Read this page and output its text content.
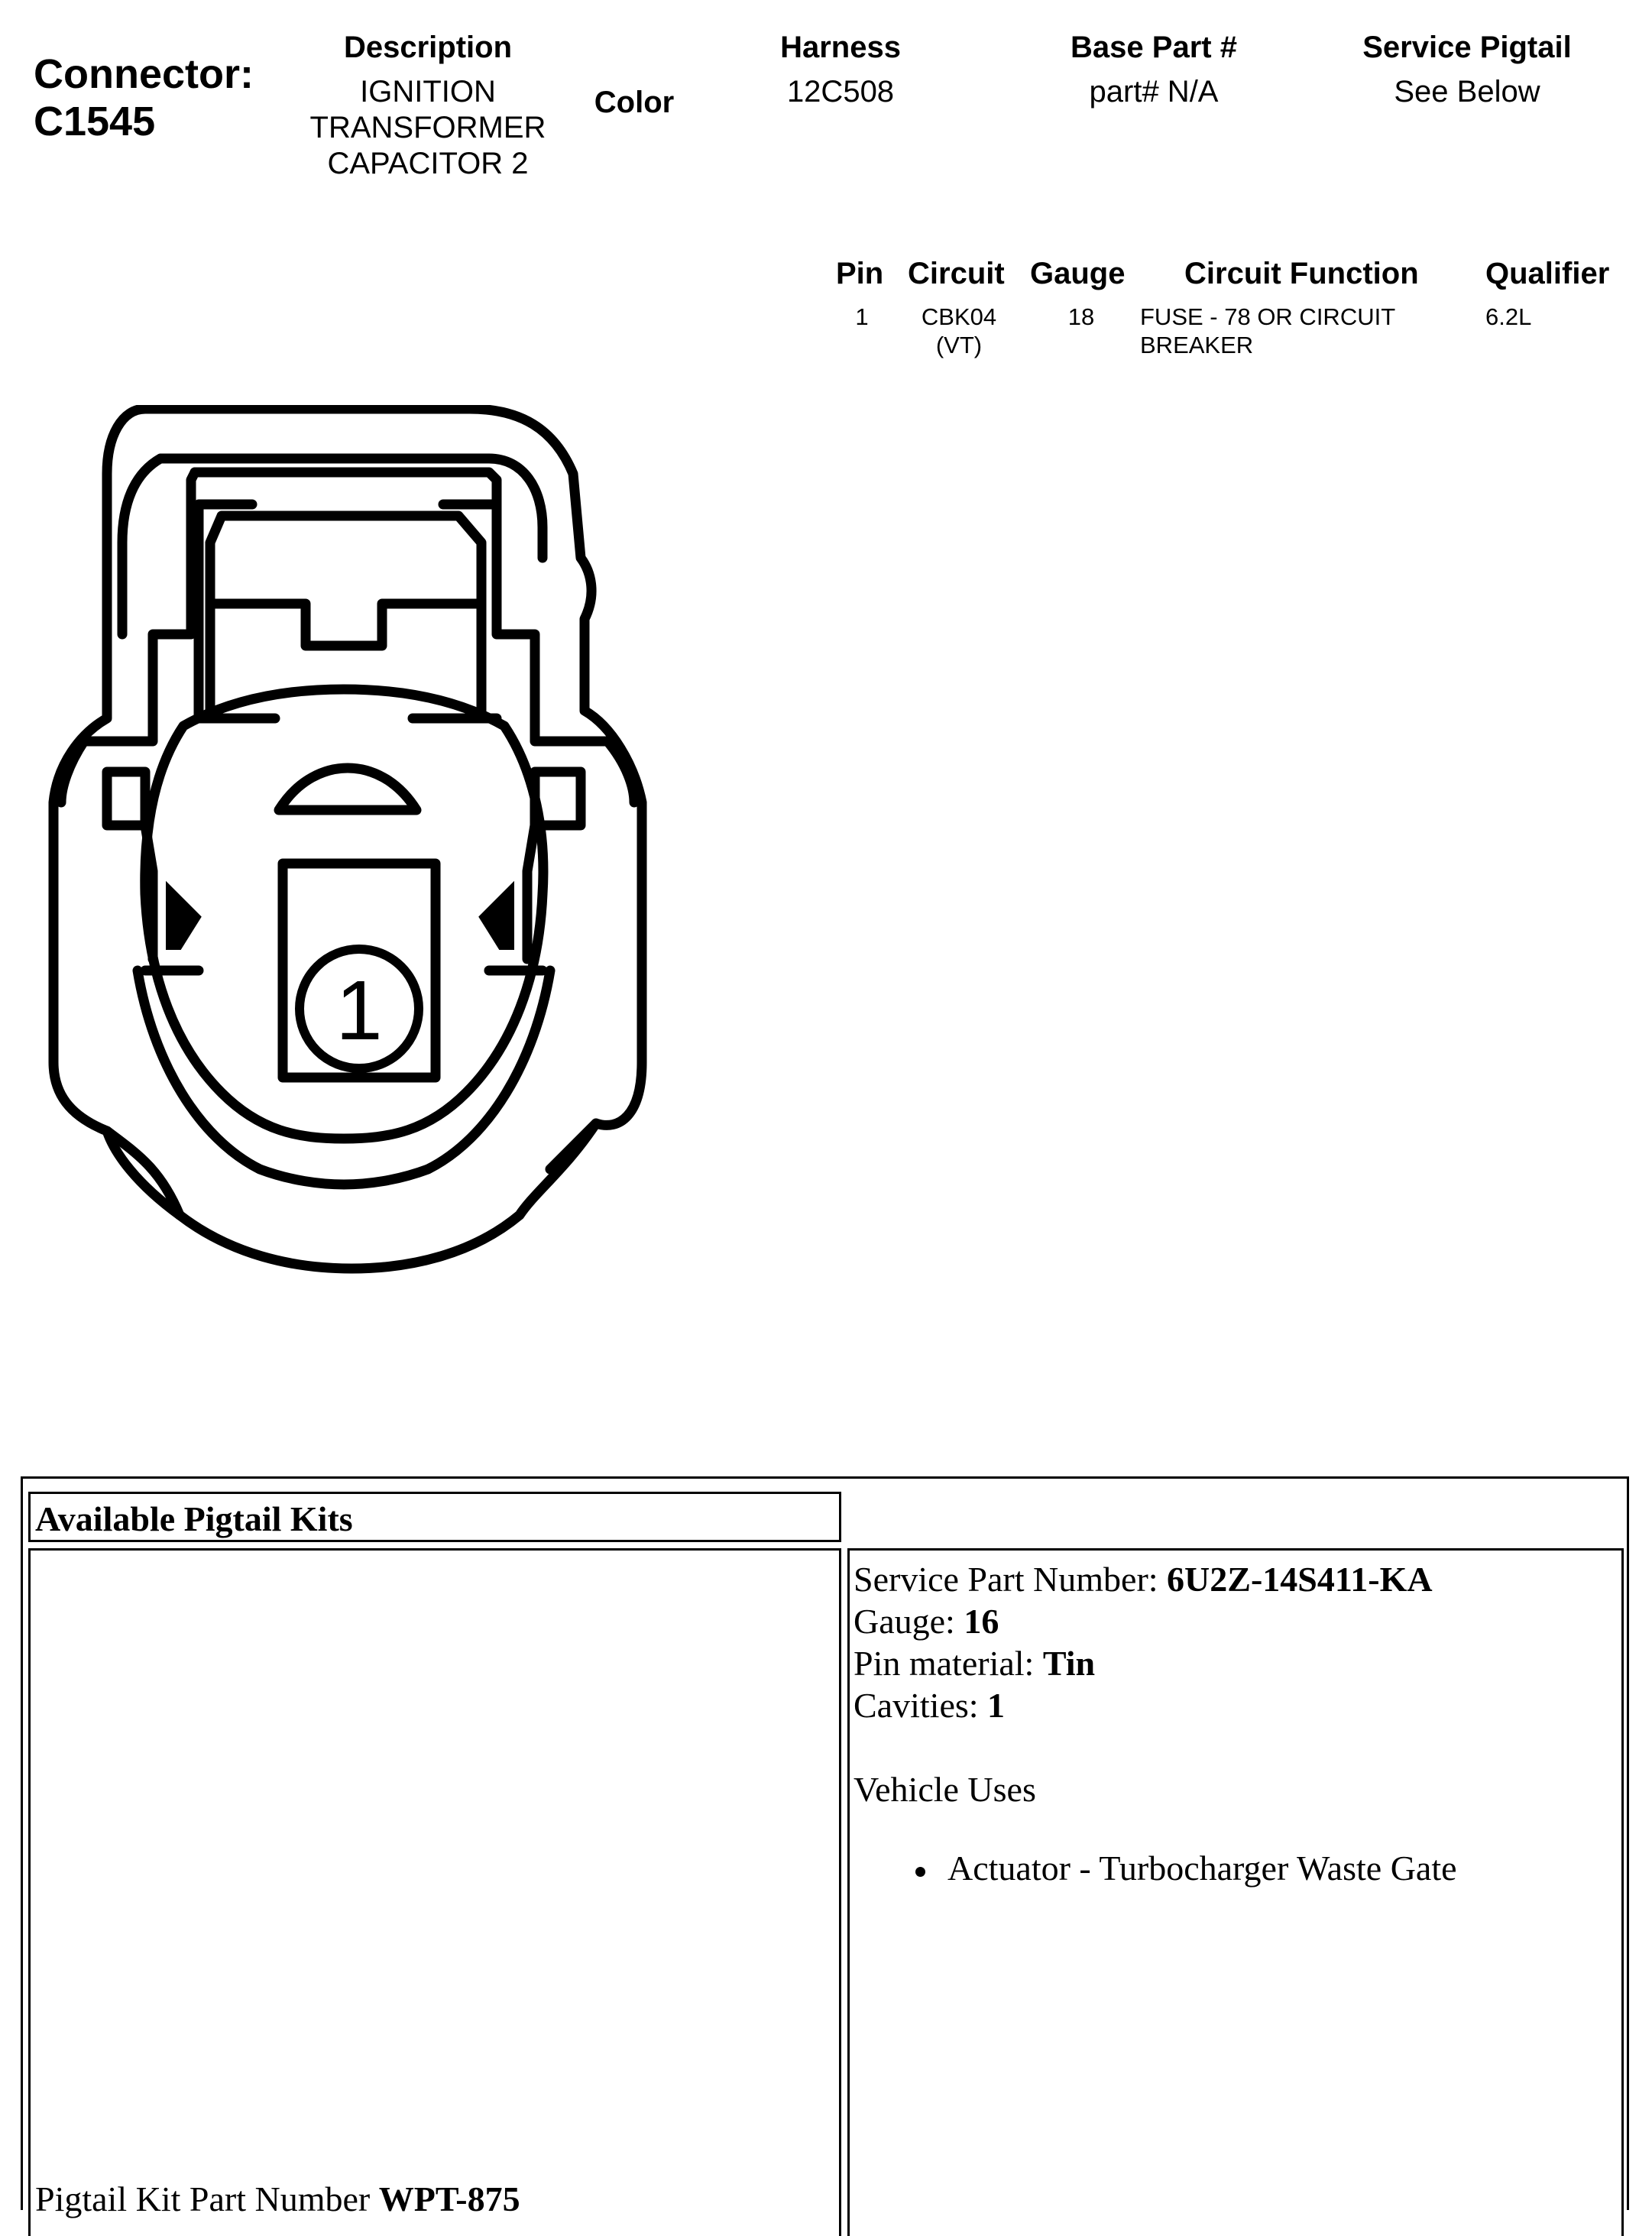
Connector:
C1545
Description
IGNITION
TRANSFORMER
CAPACITOR 2
Color
Harness
12C508
Base Part #
part# N/A
Service Pigtail
See Below
Pin Circuit Gauge Circuit Function Qualifier
1	CBK04
(VT)
18	FUSE - 78 OR CIRCUIT
BREAKER
6.2L
1
Available Pigtail Kits
Pigtail Kit Part Number WPT-875
Service Part Number: 6U2Z-14S411-KA
Gauge: 16
Pin material: Tin
Cavities: 1
Vehicle Uses
Actuator - Turbocharger Waste Gate
